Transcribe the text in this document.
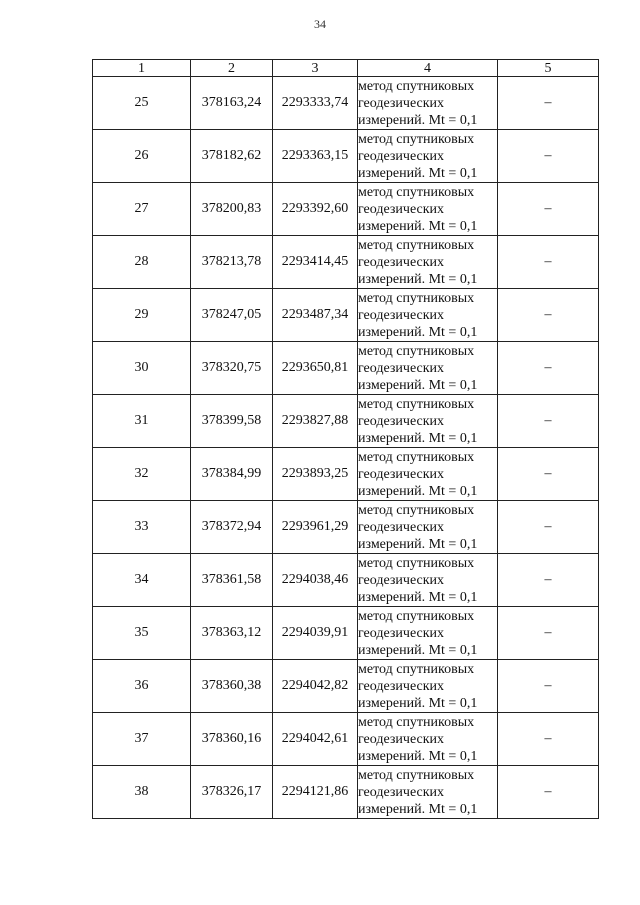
34
1	2	3	4	5
25	378163,24	2293333,74	метод спутниковых
геодезических
измерений. Mt = 0,1	–
26	378182,62	2293363,15	метод спутниковых
геодезических
измерений. Mt = 0,1	–
27	378200,83	2293392,60	метод спутниковых
геодезических
измерений. Mt = 0,1	–
28	378213,78	2293414,45	метод спутниковых
геодезических
измерений. Mt = 0,1	–
29	378247,05	2293487,34	метод спутниковых
геодезических
измерений. Mt = 0,1	–
30	378320,75	2293650,81	метод спутниковых
геодезических
измерений. Mt = 0,1	–
31	378399,58	2293827,88	метод спутниковых
геодезических
измерений. Mt = 0,1	–
32	378384,99	2293893,25	метод спутниковых
геодезических
измерений. Mt = 0,1	–
33	378372,94	2293961,29	метод спутниковых
геодезических
измерений. Mt = 0,1	–
34	378361,58	2294038,46	метод спутниковых
геодезических
измерений. Mt = 0,1	–
35	378363,12	2294039,91	метод спутниковых
геодезических
измерений. Mt = 0,1	–
36	378360,38	2294042,82	метод спутниковых
геодезических
измерений. Mt = 0,1	–
37	378360,16	2294042,61	метод спутниковых
геодезических
измерений. Mt = 0,1	–
38	378326,17	2294121,86	метод спутниковых
геодезических
измерений. Mt = 0,1	–
